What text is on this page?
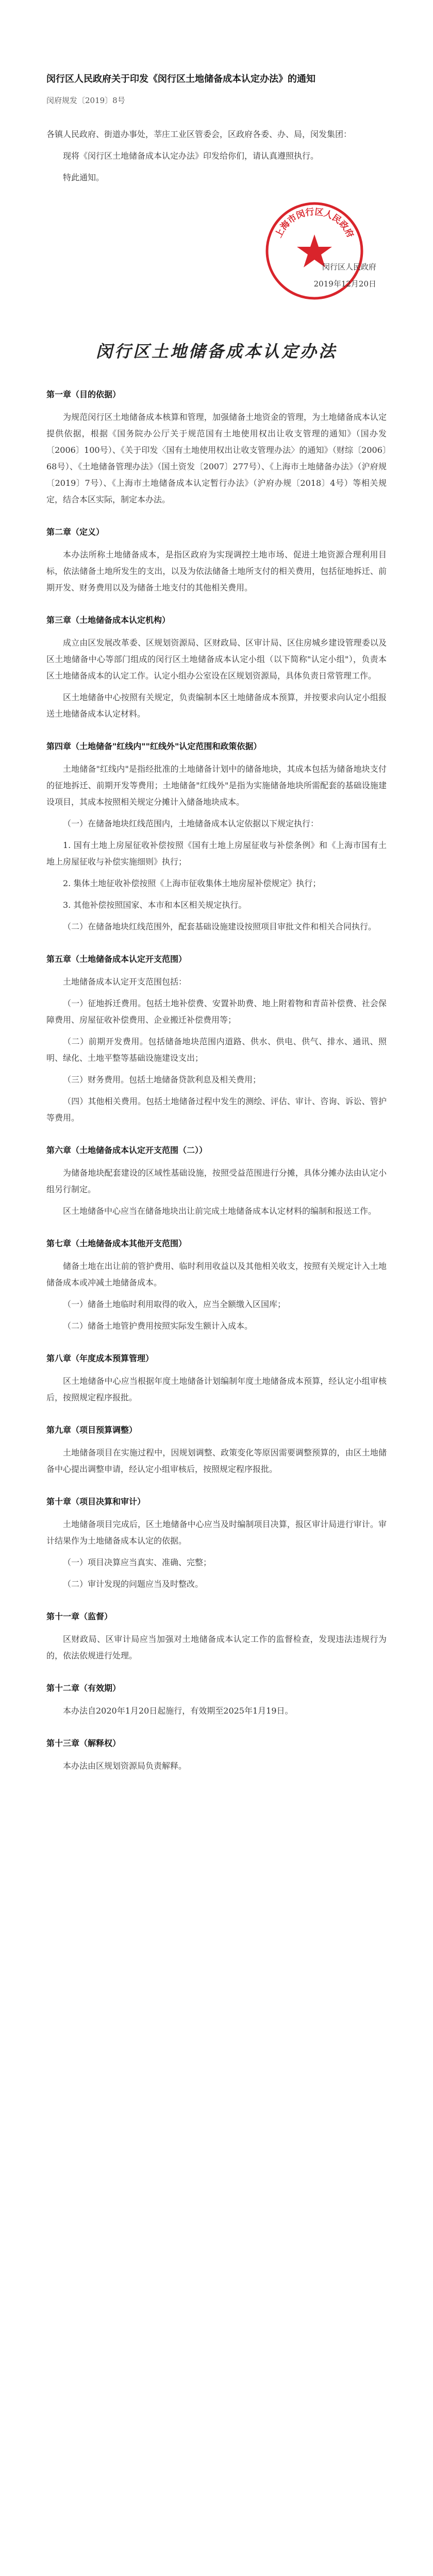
闵行区人民政府关于印发《闵行区土地储备成本认定办法》的通知
闵府规发〔2019〕8号

各镇人民政府、街道办事处，莘庄工业区管委会，区政府各委、办、局，闵发集团：

现将《闵行区土地储备成本认定办法》印发给你们，请认真遵照执行。

特此通知。

上海市闵行区人民政府
闵行区人民政府
2019年12月20日
闵行区土地储备成本认定办法
第一章（目的依据）

为规范闵行区土地储备成本核算和管理，加强储备土地资金的管理，为土地储备成本认定提供依据，根据《国务院办公厅关于规范国有土地使用权出让收支管理的通知》（国办发〔2006〕100号）、《关于印发〈国有土地使用权出让收支管理办法〉的通知》（财综〔2006〕68号）、《土地储备管理办法》（国土资发〔2007〕277号）、《上海市土地储备办法》（沪府规〔2019〕7号）、《上海市土地储备成本认定暂行办法》（沪府办规〔2018〕4号）等相关规定，结合本区实际，制定本办法。

第二章（定义）

本办法所称土地储备成本，是指区政府为实现调控土地市场、促进土地资源合理利用目标，依法储备土地所发生的支出，以及为依法储备土地所支付的相关费用，包括征地拆迁、前期开发、财务费用以及为储备土地支付的其他相关费用。

第三章（土地储备成本认定机构）

成立由区发展改革委、区规划资源局、区财政局、区审计局、区住房城乡建设管理委以及区土地储备中心等部门组成的闵行区土地储备成本认定小组（以下简称"认定小组"），负责本区土地储备成本的认定工作。认定小组办公室设在区规划资源局，具体负责日常管理工作。

区土地储备中心按照有关规定，负责编制本区土地储备成本预算，并按要求向认定小组报送土地储备成本认定材料。

第四章（土地储备"红线内""红线外"认定范围和政策依据）

土地储备"红线内"是指经批准的土地储备计划中的储备地块，其成本包括为储备地块支付的征地拆迁、前期开发等费用；土地储备"红线外"是指为实施储备地块所需配套的基础设施建设项目，其成本按照相关规定分摊计入储备地块成本。

（一）在储备地块红线范围内，土地储备成本认定依据以下规定执行：

1. 国有土地上房屋征收补偿按照《国有土地上房屋征收与补偿条例》和《上海市国有土地上房屋征收与补偿实施细则》执行；

2. 集体土地征收补偿按照《上海市征收集体土地房屋补偿规定》执行；

3. 其他补偿按照国家、本市和本区相关规定执行。

（二）在储备地块红线范围外，配套基础设施建设按照项目审批文件和相关合同执行。

第五章（土地储备成本认定开支范围）

土地储备成本认定开支范围包括：

（一）征地拆迁费用。包括土地补偿费、安置补助费、地上附着物和青苗补偿费、社会保障费用、房屋征收补偿费用、企业搬迁补偿费用等；

（二）前期开发费用。包括储备地块范围内道路、供水、供电、供气、排水、通讯、照明、绿化、土地平整等基础设施建设支出；

（三）财务费用。包括土地储备贷款利息及相关费用；

（四）其他相关费用。包括土地储备过程中发生的测绘、评估、审计、咨询、诉讼、管护等费用。

第六章（土地储备成本认定开支范围（二））

为储备地块配套建设的区域性基础设施，按照受益范围进行分摊，具体分摊办法由认定小组另行制定。

区土地储备中心应当在储备地块出让前完成土地储备成本认定材料的编制和报送工作。

第七章（土地储备成本其他开支范围）

储备土地在出让前的管护费用、临时利用收益以及其他相关收支，按照有关规定计入土地储备成本或冲减土地储备成本。

（一）储备土地临时利用取得的收入，应当全额缴入区国库；

（二）储备土地管护费用按照实际发生额计入成本。

第八章（年度成本预算管理）

区土地储备中心应当根据年度土地储备计划编制年度土地储备成本预算，经认定小组审核后，按照规定程序报批。

第九章（项目预算调整）

土地储备项目在实施过程中，因规划调整、政策变化等原因需要调整预算的，由区土地储备中心提出调整申请，经认定小组审核后，按照规定程序报批。

第十章（项目决算和审计）

土地储备项目完成后，区土地储备中心应当及时编制项目决算，报区审计局进行审计。审计结果作为土地储备成本认定的依据。

（一）项目决算应当真实、准确、完整；

（二）审计发现的问题应当及时整改。

第十一章（监督）

区财政局、区审计局应当加强对土地储备成本认定工作的监督检查，发现违法违规行为的，依法依规进行处理。

第十二章（有效期）

本办法自2020年1月20日起施行，有效期至2025年1月19日。

第十三章（解释权）

本办法由区规划资源局负责解释。
